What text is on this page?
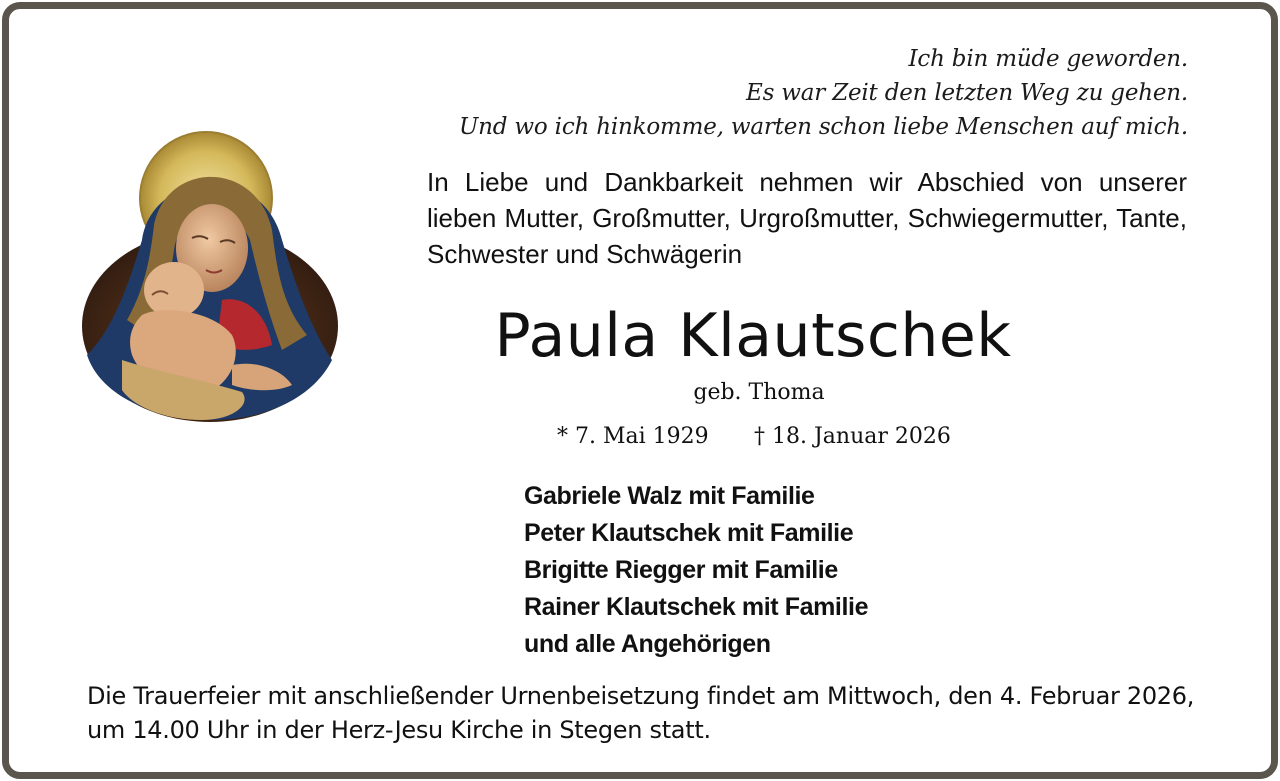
Ich bin müde geworden.
Es war Zeit den letzten Weg zu gehen.
Und wo ich hinkomme, warten schon liebe Menschen auf mich.
In Liebe und Dankbarkeit nehmen wir Abschied von unserer lieben Mutter, Großmutter, Urgroßmutter, Schwiegermutter, Tante, Schwester und Schwägerin
Paula Klautschek
geb. Thoma
* 7. Mai 1929 † 18. Januar 2026
Gabriele Walz mit Familie
Peter Klautschek mit Familie
Brigitte Riegger mit Familie
Rainer Klautschek mit Familie
und alle Angehörigen
Die Trauerfeier mit anschließender Urnenbeisetzung findet am Mittwoch, den 4. Februar 2026, um 14.00 Uhr in der Herz-Jesu Kirche in Stegen statt.
